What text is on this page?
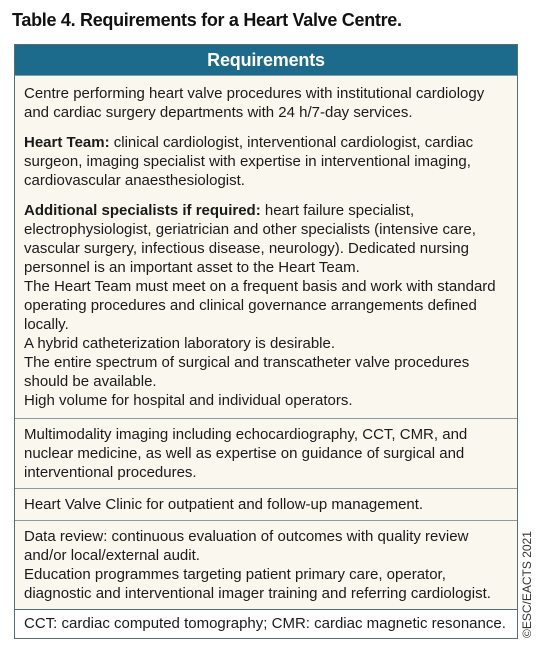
Table 4. Requirements for a Heart Valve Centre.
Requirements

Centre performing heart valve procedures with institutional cardiology and cardiac surgery departments with 24 h/7-day services.

Heart Team: clinical cardiologist, interventional cardiologist, cardiac surgeon, imaging specialist with expertise in interventional imaging, cardiovascular anaesthesiologist.

Additional specialists if required: heart failure specialist, electrophysiologist, geriatrician and other specialists (intensive care, vascular surgery, infectious disease, neurology). Dedicated nursing personnel is an important asset to the Heart Team.

The Heart Team must meet on a frequent basis and work with standard operating procedures and clinical governance arrangements defined locally.

A hybrid catheterization laboratory is desirable.

The entire spectrum of surgical and transcatheter valve procedures should be available.

High volume for hospital and individual operators.

Multimodality imaging including echocardiography, CCT, CMR, and nuclear medicine, as well as expertise on guidance of surgical and interventional procedures.

Heart Valve Clinic for outpatient and follow-up management.

Data review: continuous evaluation of outcomes with quality review and/or local/external audit.

Education programmes targeting patient primary care, operator, diagnostic and interventional imager training and referring cardiologist.

CCT: cardiac computed tomography; CMR: cardiac magnetic resonance.	©ESC/EACTS 2021
